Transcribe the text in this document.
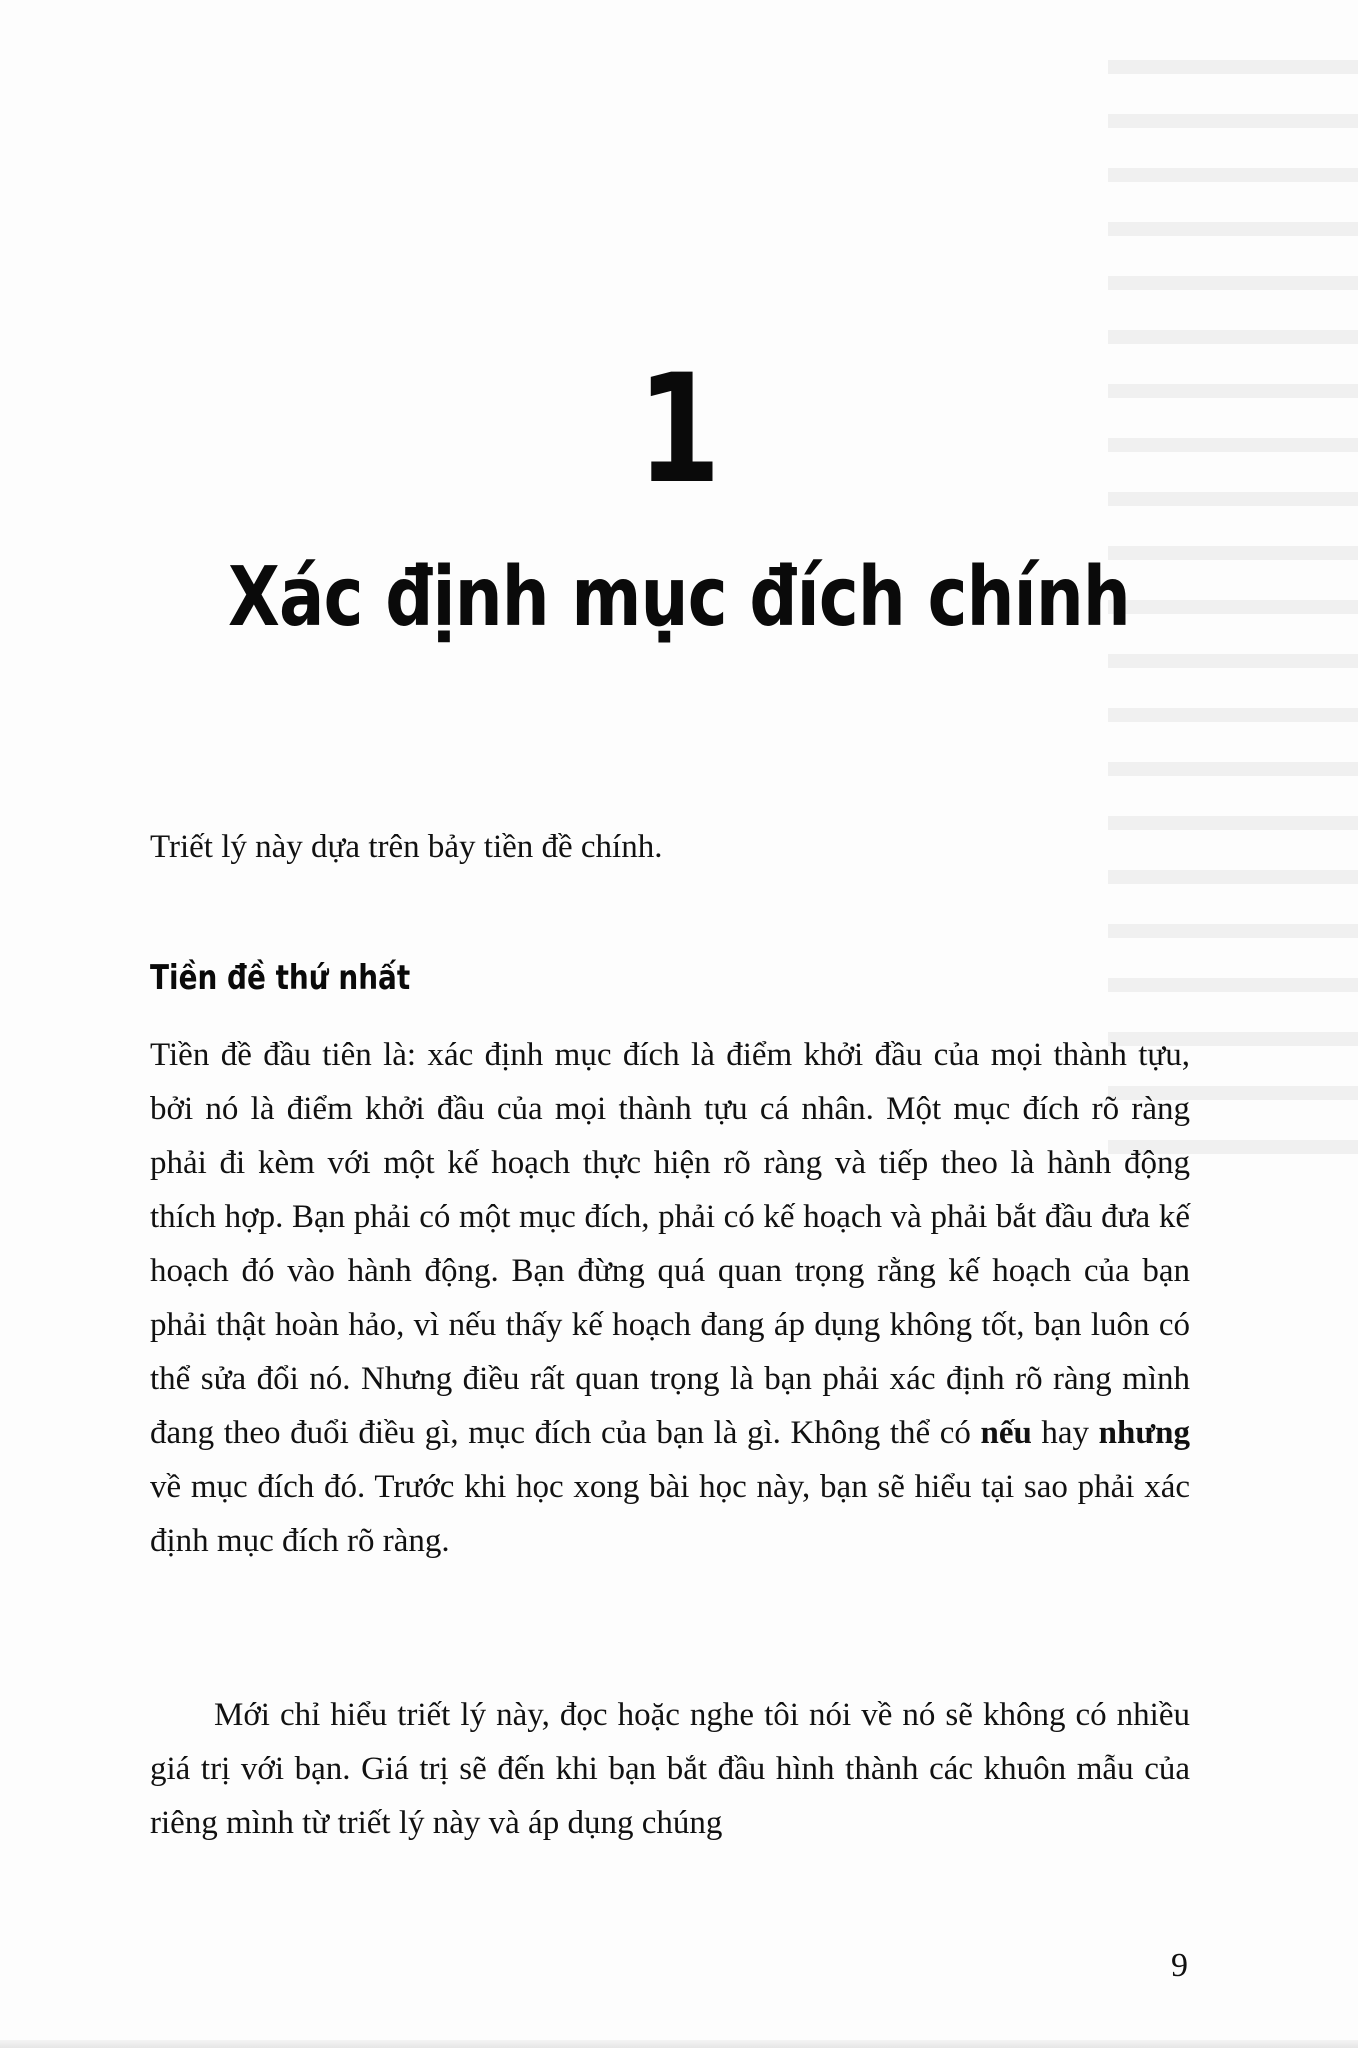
1
Xác định mục đích chính
Triết lý này dựa trên bảy tiền đề chính.
Tiền đề thứ nhất

Tiền đề đầu tiên là: xác định mục đích là điểm khởi đầu của mọi thành tựu, bởi nó là điểm khởi đầu của mọi thành tựu cá nhân. Một mục đích rõ ràng phải đi kèm với một kế hoạch thực hiện rõ ràng và tiếp theo là hành động thích hợp. Bạn phải có một mục đích, phải có kế hoạch và phải bắt đầu đưa kế hoạch đó vào hành động. Bạn đừng quá quan trọng rằng kế hoạch của bạn phải thật hoàn hảo, vì nếu thấy kế hoạch đang áp dụng không tốt, bạn luôn có thể sửa đổi nó. Nhưng điều rất quan trọng là bạn phải xác định rõ ràng mình đang theo đuổi điều gì, mục đích của bạn là gì. Không thể có nếu hay nhưng về mục đích đó. Trước khi học xong bài học này, bạn sẽ hiểu tại sao phải xác định mục đích rõ ràng.

Mới chỉ hiểu triết lý này, đọc hoặc nghe tôi nói về nó sẽ không có nhiều giá trị với bạn. Giá trị sẽ đến khi bạn bắt đầu hình thành các khuôn mẫu của riêng mình từ triết lý này và áp dụng chúng

9
